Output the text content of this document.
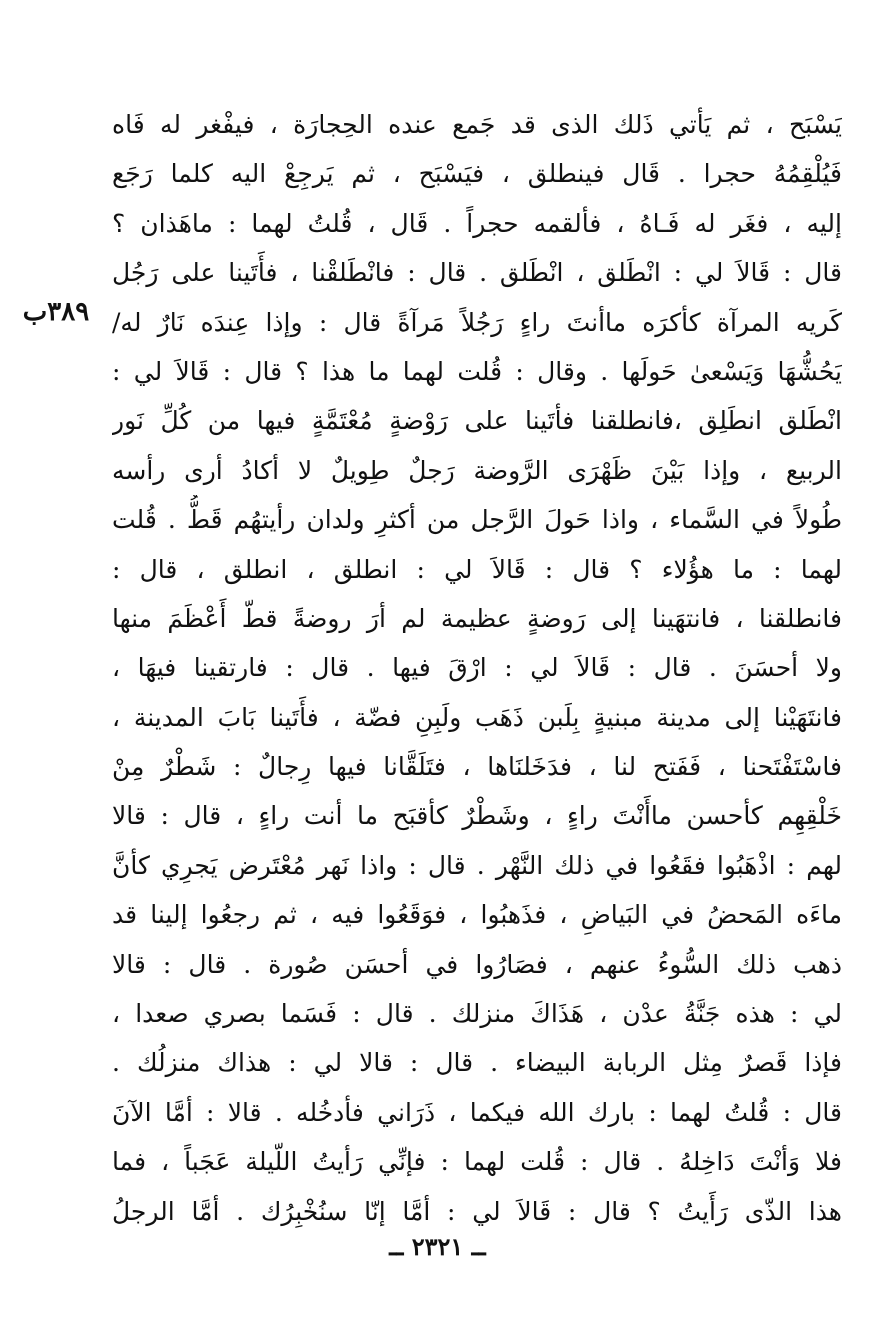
٣٨٩ب
يَسْبَح ، ثم يَأتي ذَلك الذى قد جَمع عنده الحِجارَة ، فيفْغر له فَاه
فَيُلْقِمُهُ حجرا . قَال فينطلق ، فيَسْبَح ، ثم يَرجِعْ اليه كلما رَجَع
إليه ، فغَر له فَـاهُ ، فألقمه حجراً . قَال ، قُلتُ لهما : ماهَذان ؟
قال : قَالاَ لي : انْطَلق ، انْطَلق . قال : فانْطَلقْنا ، فأَتَينا على رَجُل
كَريه المرآة كأكرَه ماأنتَ راءٍ رَجُلاً مَرآةً قال : وإذا عِندَه نَارٌ له/
يَحُشُّهَا وَيَسْعىٰ حَولَها . وقال : قُلت لهما ما هذا ؟ قال : قَالاَ لي :
انْطَلق انطَلِق ،فانطلقنا فأتَينا على رَوْضةٍ مُعْتَمَّةٍ فيها من كُلِّ نَور
الربيع ، وإذا بَيْنَ ظَهْرَى الرَّوضة رَجلٌ طِويلٌ لا أكادُ أرى رأسه
طُولاً في السَّماء ، واذا حَولَ الرَّجل من أكثرِ ولدان رأيتهُم قَطُّ . قُلت
لهما : ما هؤُلاء ؟ قال : قَالاَ لي : انطلق ، انطلق ، قال :
فانطلقنا ، فانتهَينا إلى رَوضةٍ عظيمة لم أرَ روضةً قطّ أَعْظَمَ منها
ولا أحسَنَ . قال : قَالاَ لي : ارْقَ فيها . قال : فارتقينا فيهَا ،
فانتَهَيْنا إلى مدينة مبنيةٍ بِلَبن ذَهَب ولَبِنِ فضّة ، فأَتَينا بَابَ المدينة ،
فاسْتَفْتَحنا ، فَفَتح لنا ، فدَخَلنَاها ، فتَلَقَّانا فيها رِجالٌ : شَطْرٌ مِنْ
خَلْقِهِم كأحسن ماأَنْتَ راءٍ ، وشَطْرٌ كأقبَح ما أنت راءٍ ، قال : قالا
لهم : اذْهَبُوا فقَعُوا في ذلك النَّهْر . قال : واذا نَهر مُعْتَرض يَجرِي كأنَّ
ماءَه المَحضُ في البَياضِ ، فذَهبُوا ، فوَقَعُوا فيه ، ثم رجعُوا إلينا قد
ذهب ذلك السُّوءُ عنهم ، فصَارُوا في أحسَن صُورة . قال : قالا
لي : هذه جَنَّةُ عدْن ، هَذَاكَ منزلك . قال : فَسَما بصري صعدا ،
فإذا قَصرٌ مِثل الربابة البيضاء . قال : قالا لي : هذاك منزلُك .
قال : قُلتُ لهما : بارك الله فيكما ، ذَرَاني فأدخُله . قالا : أمَّا الآنَ
فلا وَأنْتَ دَاخِلهُ . قال : قُلت لهما : فإنِّي رَأيتُ اللّيلة عَجَباً ، فما
هذا الذّى رَأَيتُ ؟ قال : قَالاَ لي : أمَّا إنّا سنُخْبِرُك . أمَّا الرجلُ
ــ ٢٣٢١ ــ
